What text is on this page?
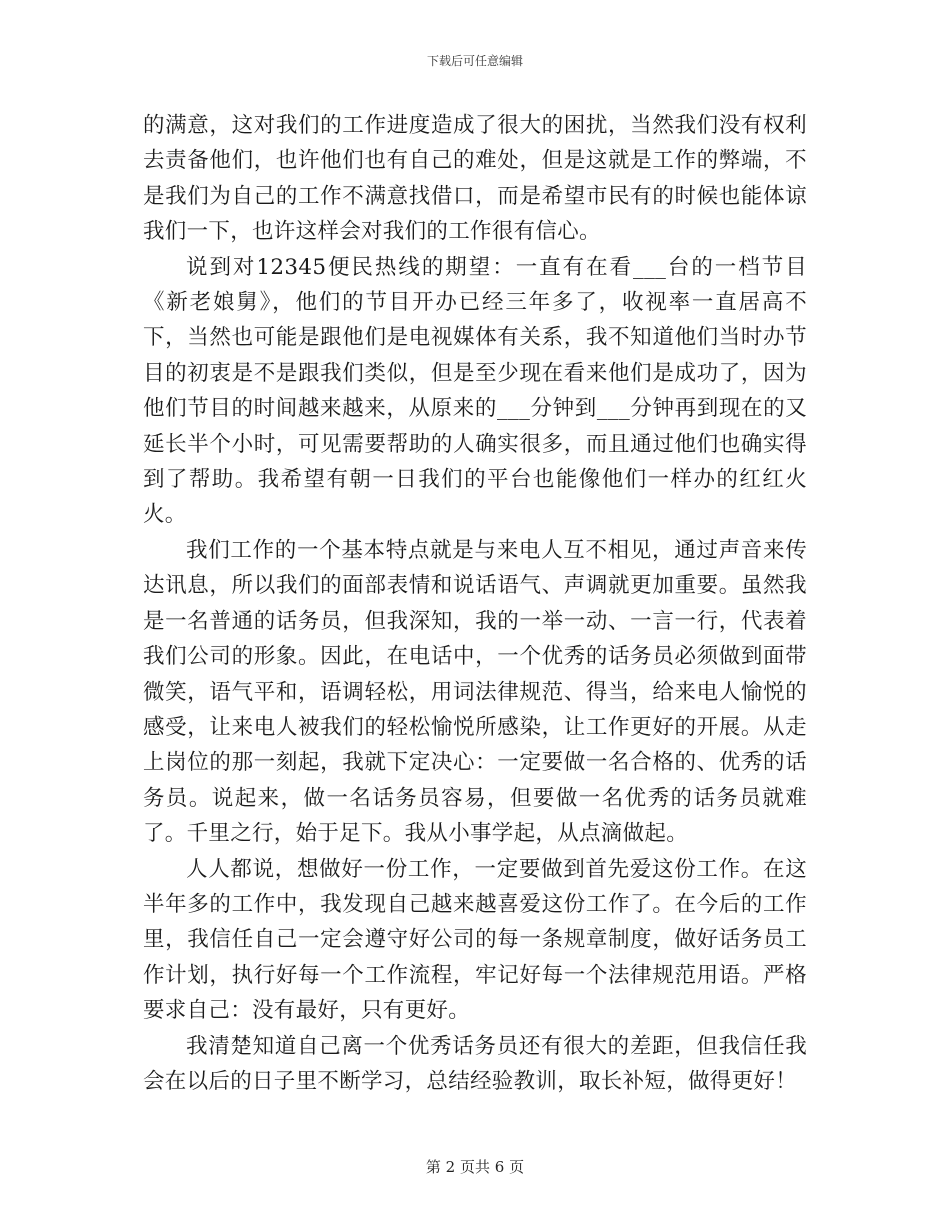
下载后可任意编辑

的满意，这对我们的工作进度造成了很大的困扰，当然我们没有权利去责备他们，也许他们也有自己的难处，但是这就是工作的弊端，不是我们为自己的工作不满意找借口，而是希望市民有的时候也能体谅我们一下，也许这样会对我们的工作很有信心。

说到对12345便民热线的期望：一直有在看___台的一档节目《新老娘舅》，他们的节目开办已经三年多了，收视率一直居高不下，当然也可能是跟他们是电视媒体有关系，我不知道他们当时办节目的初衷是不是跟我们类似，但是至少现在看来他们是成功了，因为他们节目的时间越来越来，从原来的___分钟到___分钟再到现在的又延长半个小时，可见需要帮助的人确实很多，而且通过他们也确实得到了帮助。我希望有朝一日我们的平台也能像他们一样办的红红火火。

我们工作的一个基本特点就是与来电人互不相见，通过声音来传达讯息，所以我们的面部表情和说话语气、声调就更加重要。虽然我是一名普通的话务员，但我深知，我的一举一动、一言一行，代表着我们公司的形象。因此，在电话中，一个优秀的话务员必须做到面带微笑，语气平和，语调轻松，用词法律规范、得当，给来电人愉悦的感受，让来电人被我们的轻松愉悦所感染，让工作更好的开展。从走上岗位的那一刻起，我就下定决心：一定要做一名合格的、优秀的话务员。说起来，做一名话务员容易，但要做一名优秀的话务员就难了。千里之行，始于足下。我从小事学起，从点滴做起。

人人都说，想做好一份工作，一定要做到首先爱这份工作。在这半年多的工作中，我发现自己越来越喜爱这份工作了。在今后的工作里，我信任自己一定会遵守好公司的每一条规章制度，做好话务员工作计划，执行好每一个工作流程，牢记好每一个法律规范用语。严格要求自己：没有最好，只有更好。

我清楚知道自己离一个优秀话务员还有很大的差距，但我信任我会在以后的日子里不断学习，总结经验教训，取长补短，做得更好！

第 2 页共 6 页
